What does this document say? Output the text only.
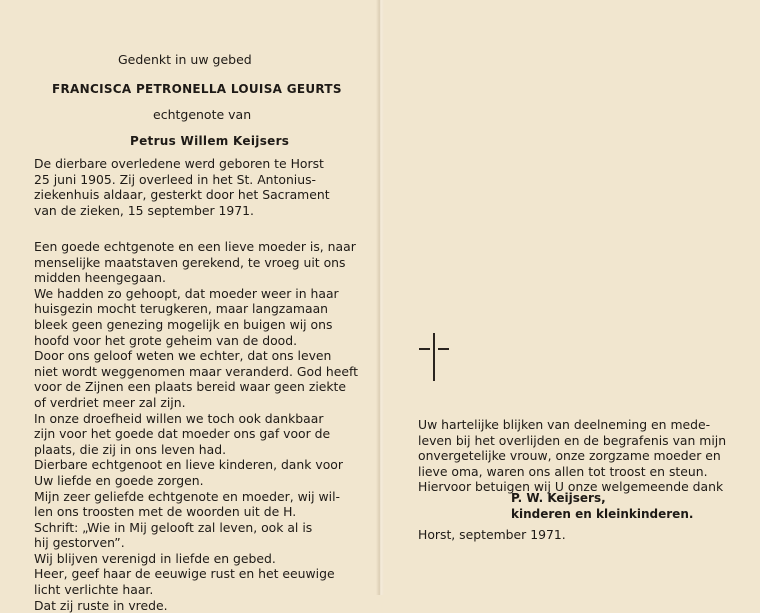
Gedenkt in uw gebed
FRANCISCA PETRONELLA LOUISA GEURTS
echtgenote van
Petrus Willem Keijsers
De dierbare overledene werd geboren te Horst
25 juni 1905. Zij overleed in het St. Antonius-
ziekenhuis aldaar, gesterkt door het Sacrament
van de zieken, 15 september 1971.
Een goede echtgenote en een lieve moeder is, naar
menselijke maatstaven gerekend, te vroeg uit ons
midden heengegaan.
We hadden zo gehoopt, dat moeder weer in haar
huisgezin mocht terugkeren, maar langzamaan
bleek geen genezing mogelijk en buigen wij ons
hoofd voor het grote geheim van de dood.
Door ons geloof weten we echter, dat ons leven
niet wordt weggenomen maar veranderd. God heeft
voor de Zijnen een plaats bereid waar geen ziekte
of verdriet meer zal zijn.
In onze droefheid willen we toch ook dankbaar
zijn voor het goede dat moeder ons gaf voor de
plaats, die zij in ons leven had.
Dierbare echtgenoot en lieve kinderen, dank voor
Uw liefde en goede zorgen.
Mijn zeer geliefde echtgenote en moeder, wij wil-
len ons troosten met de woorden uit de H.
Schrift: „Wie in Mij gelooft zal leven, ook al is
hij gestorven”.
Wij blijven verenigd in liefde en gebed.
Heer, geef haar de eeuwige rust en het eeuwige
licht verlichte haar.
Dat zij ruste in vrede.
Uw hartelijke blijken van deelneming en mede-
leven bij het overlijden en de begrafenis van mijn
onvergetelijke vrouw, onze zorgzame moeder en
lieve oma, waren ons allen tot troost en steun.
Hiervoor betuigen wij U onze welgemeende dank
P. W. Keijsers,
kinderen en kleinkinderen.
Horst, september 1971.
